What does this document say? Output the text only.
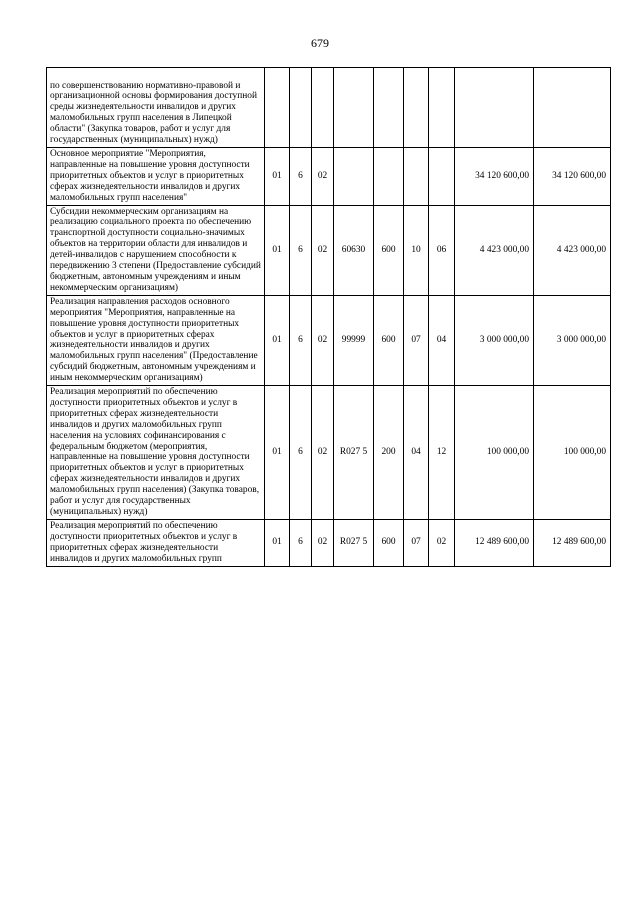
679
по совершенствованию нормативно-правовой и организационной основы формирования доступной среды жизнедеятельности инвалидов и других маломобильных групп населения в Липецкой области" (Закупка товаров, работ и услуг для государственных (муниципальных) нужд)									

Основное мероприятие "Мероприятия, направленные на повышение уровня доступности приоритетных объектов и услуг в приоритетных сферах жизнедеятельности инвалидов и других маломобильных групп населения"	01	6	02					34 120 600,00	34 120 600,00
Субсидии некоммерческим организациям на реализацию социального проекта по обеспечению транспортной доступности социально-значимых объектов на территории области для инвалидов и детей-инвалидов с нарушением способности к передвижению 3 степени (Предоставление субсидий бюджетным, автономным учреждениям и иным некоммерческим организациям)	01	6	02	60630	600	10	06	4 423 000,00	4 423 000,00
Реализация направления расходов основного мероприятия "Мероприятия, направленные на повышение уровня доступности приоритетных объектов и услуг в приоритетных сферах жизнедеятельности инвалидов и других маломобильных групп населения" (Предоставление субсидий бюджетным, автономным учреждениям и иным некоммерческим организациям)	01	6	02	99999	600	07	04	3 000 000,00	3 000 000,00
Реализация мероприятий по обеспечению доступности приоритетных объектов и услуг в приоритетных сферах жизнедеятельности инвалидов и других маломобильных групп населения на условиях софинансирования с федеральным бюджетом (мероприятия, направленные на повышение уровня доступности приоритетных объектов и услуг в приоритетных сферах жизнедеятельности инвалидов и других маломобильных групп населения) (Закупка товаров, работ и услуг для государственных (муниципальных) нужд)	01	6	02	R027 5	200	04	12	100 000,00	100 000,00
Реализация мероприятий по обеспечению доступности приоритетных объектов и услуг в приоритетных сферах жизнедеятельности инвалидов и других маломобильных групп	01	6	02	R027 5	600	07	02	12 489 600,00	12 489 600,00
